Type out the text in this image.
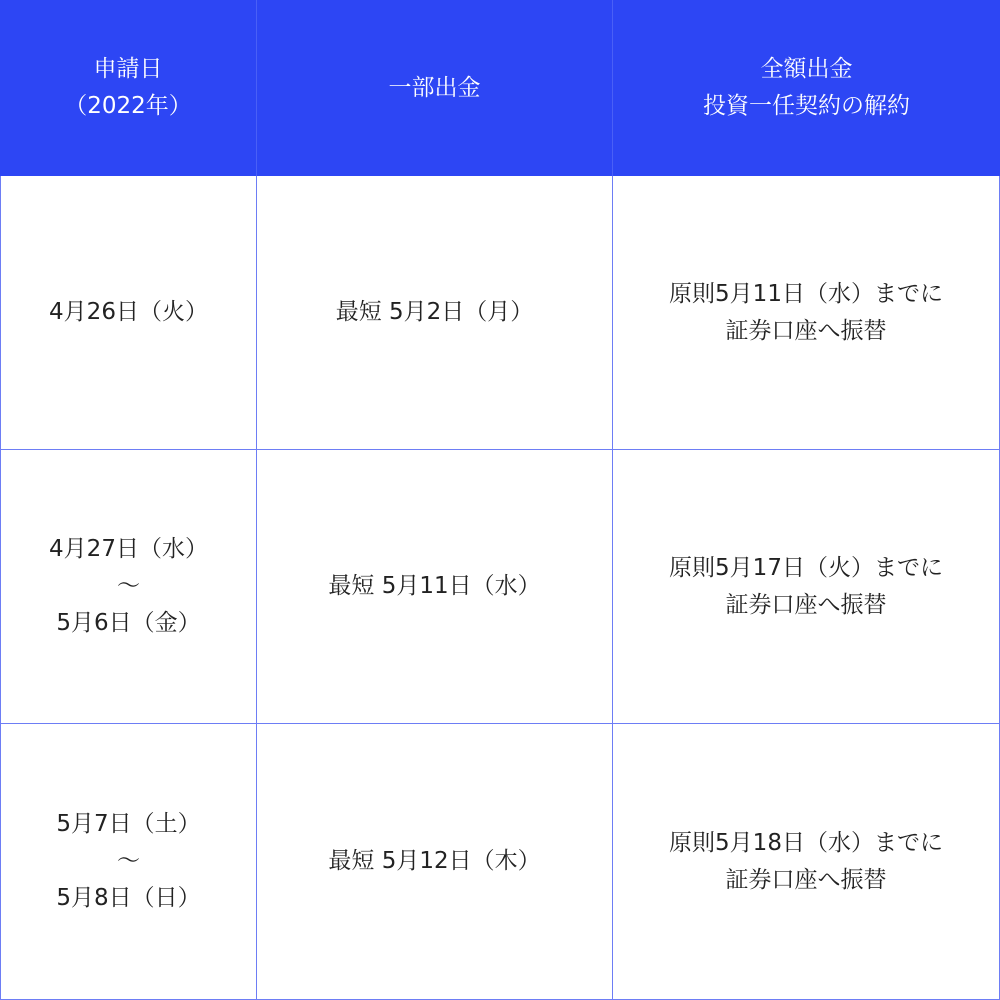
申請日
（2022年）
一部出金
全額出金
投資一任契約の解約
4月26日（火）	最短 5月2日（月）
原則5月11日（水）までに
証券口座へ振替
4月27日（水）
〜
5月6日（金）
最短 5月11日（水）
原則5月17日（火）までに
証券口座へ振替
5月7日（土）
〜
5月8日（日）
最短 5月12日（木）
原則5月18日（水）までに
証券口座へ振替
